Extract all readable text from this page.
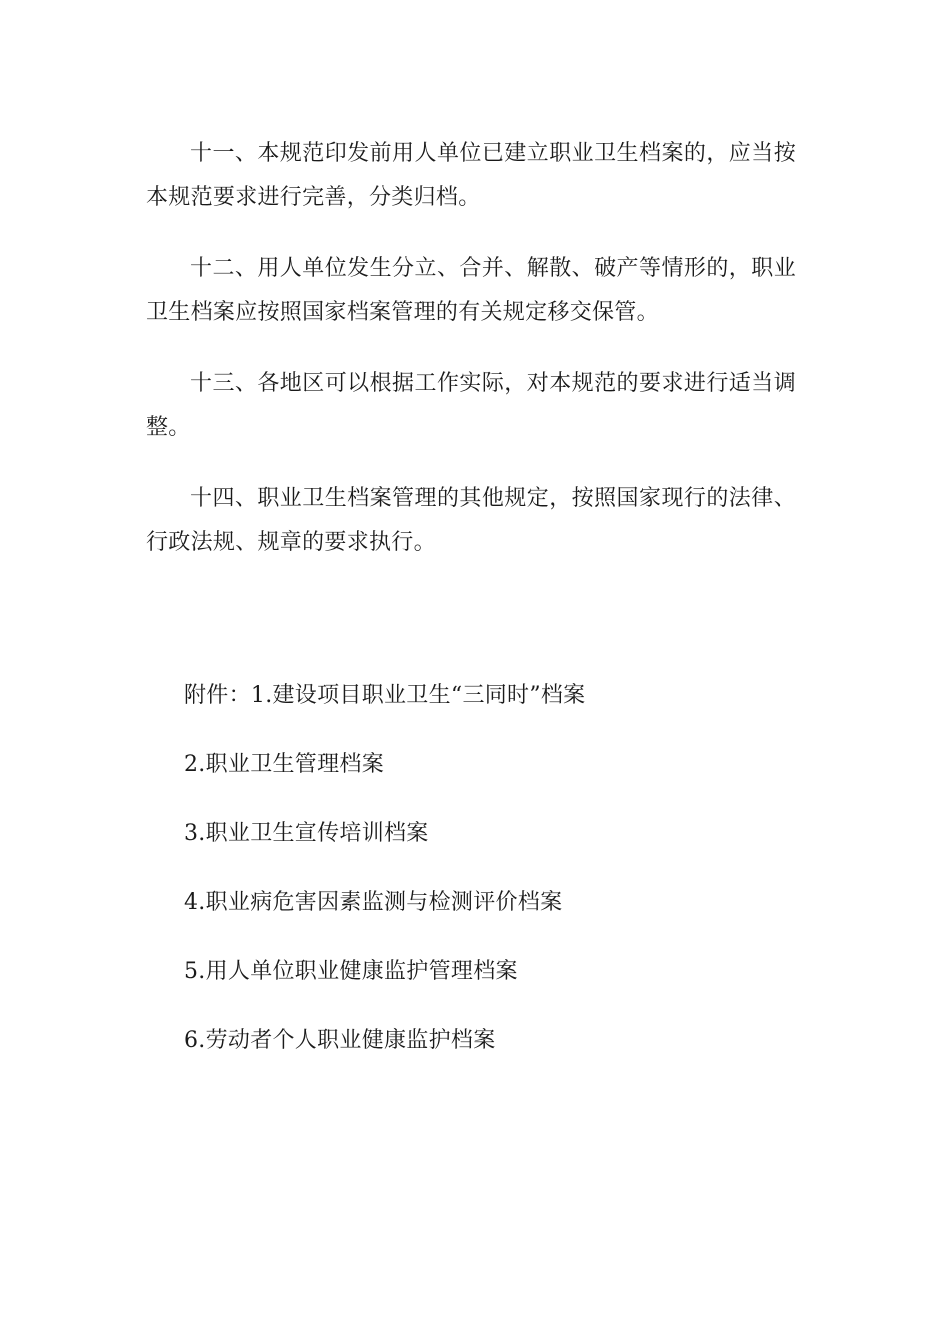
十一、本规范印发前用人单位已建立职业卫生档案的，应当按本规范要求进行完善，分类归档。

十二、用人单位发生分立、合并、解散、破产等情形的，职业卫生档案应按照国家档案管理的有关规定移交保管。

十三、各地区可以根据工作实际，对本规范的要求进行适当调整。

十四、职业卫生档案管理的其他规定，按照国家现行的法律、行政法规、规章的要求执行。

附件：1.建设项目职业卫生“三同时”档案

2.职业卫生管理档案

3.职业卫生宣传培训档案

4.职业病危害因素监测与检测评价档案

5.用人单位职业健康监护管理档案

6.劳动者个人职业健康监护档案
